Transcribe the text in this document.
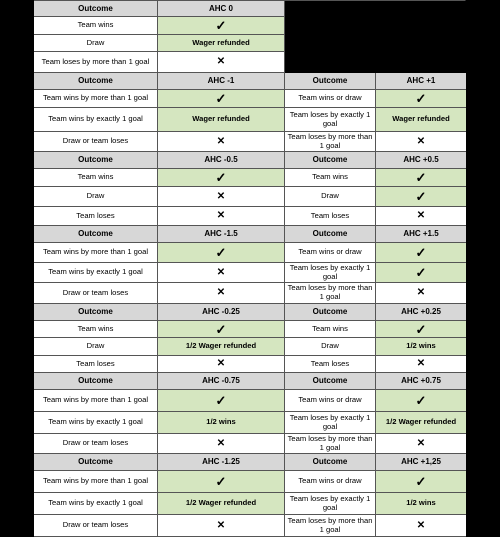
Outcome	AHC 0
Team wins	✓
Draw	Wager refunded
Team loses by more than 1 goal	✕
Outcome	AHC -1	Outcome	AHC +1
Team wins by more than 1 goal	✓	Team wins or draw	✓
Team wins by exactly 1 goal	Wager refunded	Team loses by exactly 1 goal	Wager refunded
Draw or team loses	✕	Team loses by more than 1 goal	✕
Outcome	AHC -0.5	Outcome	AHC +0.5
Team wins	✓	Team wins	✓
Draw	✕	Draw	✓
Team loses	✕	Team loses	✕
Outcome	AHC -1.5	Outcome	AHC +1.5
Team wins by more than 1 goal	✓	Team wins or draw	✓
Team wins by exactly 1 goal	✕	Team loses by exactly 1 goal	✓
Draw or team loses	✕	Team loses by more than 1 goal	✕
Outcome	AHC -0.25	Outcome	AHC +0.25
Team wins	✓	Team wins	✓
Draw	1/2 Wager refunded	Draw	1/2 wins
Team loses	✕	Team loses	✕
Outcome	AHC -0.75	Outcome	AHC +0.75
Team wins by more than 1 goal	✓	Team wins or draw	✓
Team wins by exactly 1 goal	1/2 wins	Team loses by exactly 1 goal	1/2 Wager refunded
Draw or team loses	✕	Team loses by more than 1 goal	✕
Outcome	AHC -1.25	Outcome	AHC +1,25
Team wins by more than 1 goal	✓	Team wins or draw	✓
Team wins by exactly 1 goal	1/2 Wager refunded	Team loses by exactly 1 goal	1/2 wins
Draw or team loses	✕	Team loses by more than 1 goal	✕
